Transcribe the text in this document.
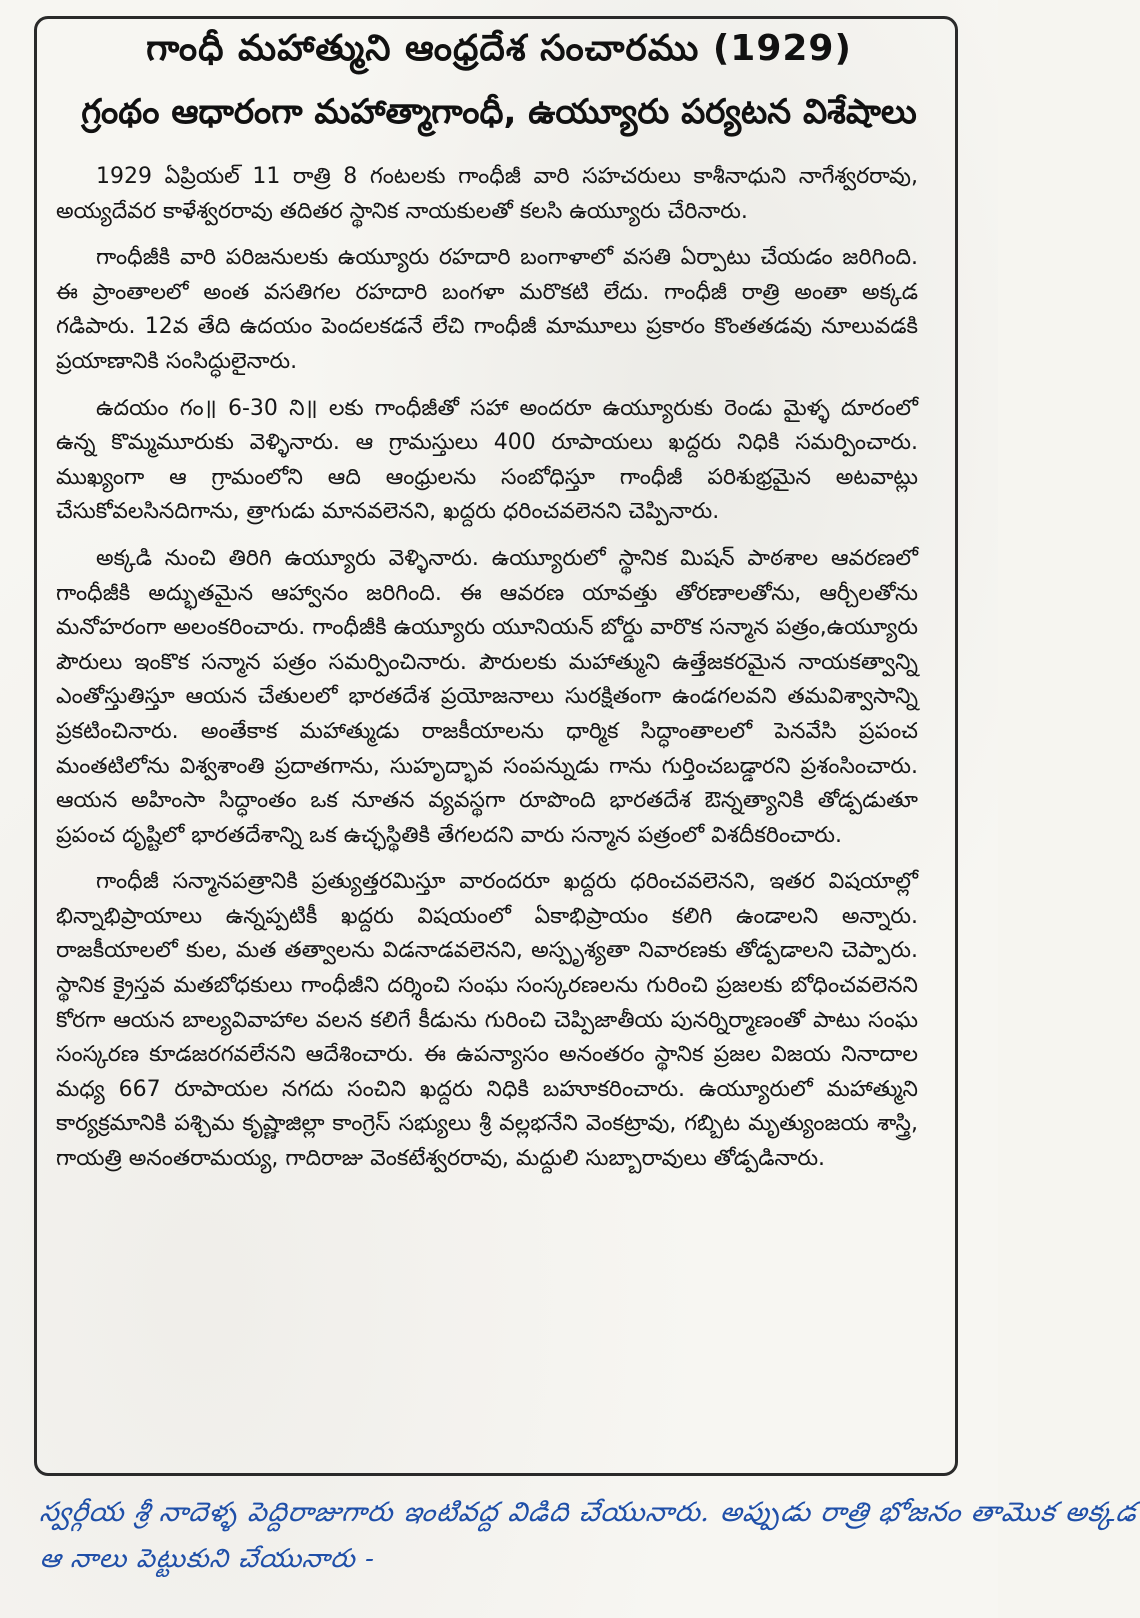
గాంధీ మహాత్ముని ఆంధ్రదేశ సంచారము (1929)
గ్రంథం ఆధారంగా మహాత్మాగాంధీ, ఉయ్యూరు పర్యటన విశేషాలు

1929 ఏప్రియల్ 11 రాత్రి 8 గంటలకు గాంధీజీ వారి సహచరులు కాశీనాధుని నాగేశ్వరరావు, అయ్యదేవర కాళేశ్వరరావు తదితర స్థానిక నాయకులతో కలసి ఉయ్యూరు చేరినారు.

గాంధీజీకి వారి పరిజనులకు ఉయ్యూరు రహదారి బంగాళాలో వసతి ఏర్పాటు చేయడం జరిగింది. ఈ ప్రాంతాలలో అంత వసతిగల రహదారి బంగళా మరొకటి లేదు. గాంధీజీ రాత్రి అంతా అక్కడ గడిపారు. 12వ తేది ఉదయం పెందలకడనే లేచి గాంధీజీ మామూలు ప్రకారం కొంతతడవు నూలువడకి ప్రయాణానికి సంసిద్ధులైనారు.

ఉదయం గం॥ 6-30 ని॥ లకు గాంధీజీతో సహా అందరూ ఉయ్యూరుకు రెండు మైళ్ళ దూరంలో ఉన్న కొమ్మమూరుకు వెళ్ళినారు. ఆ గ్రామస్తులు 400 రూపాయలు ఖద్దరు నిధికి సమర్పించారు. ముఖ్యంగా ఆ గ్రామంలోని ఆది ఆంధ్రులను సంబోధిస్తూ గాంధీజీ పరిశుభ్రమైన అటవాట్లు చేసుకోవలసినదిగాను, త్రాగుడు మానవలెనని, ఖద్దరు ధరించవలెనని చెప్పినారు.

అక్కడి నుంచి తిరిగి ఉయ్యూరు వెళ్ళినారు. ఉయ్యూరులో స్థానిక మిషన్ పాఠశాల ఆవరణలో గాంధీజీకి అద్భుతమైన ఆహ్వానం జరిగింది. ఈ ఆవరణ యావత్తు తోరణాలతోను, ఆర్చీలతోను మనోహరంగా అలంకరించారు. గాంధీజీకి ఉయ్యూరు యూనియన్ బోర్డు వారొక సన్మాన పత్రం,ఉయ్యూరు పౌరులు ఇంకొక సన్మాన పత్రం సమర్పించినారు. పౌరులకు మహాత్ముని ఉత్తేజకరమైన నాయకత్వాన్ని ఎంతోస్తుతిస్తూ ఆయన చేతులలో భారతదేశ ప్రయోజనాలు సురక్షితంగా ఉండగలవని తమవిశ్వాసాన్ని ప్రకటించినారు. అంతేకాక మహాత్ముడు రాజకీయాలను ధార్మిక సిద్ధాంతాలలో పెనవేసి ప్రపంచ మంతటిలోను విశ్వశాంతి ప్రదాతగాను, సుహృద్భావ సంపన్నుడు గాను గుర్తించబడ్డారని ప్రశంసించారు. ఆయన అహింసా సిద్ధాంతం ఒక నూతన వ్యవస్థగా రూపొంది భారతదేశ ఔన్నత్యానికి తోడ్పడుతూ ప్రపంచ దృష్టిలో భారతదేశాన్ని ఒక ఉచ్ఛస్థితికి తేగలదని వారు సన్మాన పత్రంలో విశదీకరించారు.

గాంధీజీ సన్మానపత్రానికి ప్రత్యుత్తరమిస్తూ వారందరూ ఖద్దరు ధరించవలెనని, ఇతర విషయాల్లో భిన్నాభిప్రాయాలు ఉన్నప్పటికీ ఖద్దరు విషయంలో ఏకాభిప్రాయం కలిగి ఉండాలని అన్నారు. రాజకీయాలలో కుల, మత తత్వాలను విడనాడవలెనని, అస్పృశ్యతా నివారణకు తోడ్పడాలని చెప్పారు. స్థానిక క్రైస్తవ మతబోధకులు గాంధీజీని దర్శించి సంఘ సంస్కరణలను గురించి ప్రజలకు బోధించవలెనని కోరగా ఆయన బాల్యవివాహాల వలన కలిగే కీడును గురించి చెప్పిజాతీయ పునర్నిర్మాణంతో పాటు సంఘ సంస్కరణ కూడజరగవలేనని ఆదేశించారు. ఈ ఉపన్యాసం అనంతరం స్థానిక ప్రజల విజయ నినాదాల మధ్య 667 రూపాయల నగదు సంచిని ఖద్దరు నిధికి బహూకరించారు. ఉయ్యూరులో మహాత్ముని కార్యక్రమానికి పశ్చిమ కృష్ణాజిల్లా కాంగ్రెస్ సభ్యులు శ్రీ వల్లభనేని వెంకట్రావు, గబ్బిట మృత్యుంజయ శాస్త్రి, గాయత్రి అనంతరామయ్య, గాదిరాజు వెంకటేశ్వరరావు, మద్దులి సుబ్బారావులు తోడ్పడినారు.

స్వర్గీయ శ్రీ నాదెళ్ళ పెద్దిరాజుగారు ఇంటివద్ద విడిది చేయునారు. అప్పుడు రాత్రి భోజనం తామొక అక్కడ
ఆ నాలు పెట్టుకుని చేయునారు -
